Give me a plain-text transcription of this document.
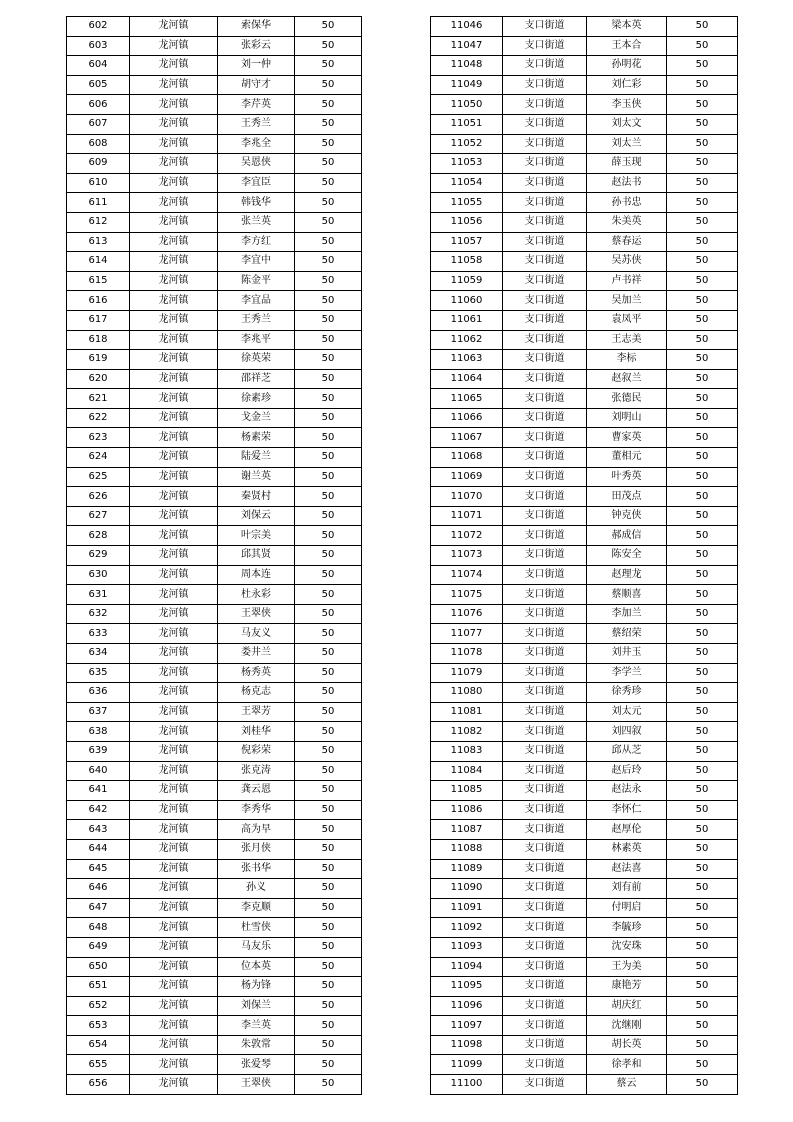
602	龙河镇	索保华	50
603	龙河镇	张彩云	50
604	龙河镇	刘一仲	50
605	龙河镇	胡守才	50
606	龙河镇	李芹英	50
607	龙河镇	王秀兰	50
608	龙河镇	李兆全	50
609	龙河镇	吴恩侠	50
610	龙河镇	李宜臣	50
611	龙河镇	韩钱华	50
612	龙河镇	张兰英	50
613	龙河镇	李方红	50
614	龙河镇	李宜中	50
615	龙河镇	陈金平	50
616	龙河镇	李宜品	50
617	龙河镇	王秀兰	50
618	龙河镇	李兆平	50
619	龙河镇	徐英荣	50
620	龙河镇	邵祥芝	50
621	龙河镇	徐素珍	50
622	龙河镇	戈金兰	50
623	龙河镇	杨素荣	50
624	龙河镇	陆爱兰	50
625	龙河镇	谢兰英	50
626	龙河镇	秦贤村	50
627	龙河镇	刘保云	50
628	龙河镇	叶宗美	50
629	龙河镇	邱其贤	50
630	龙河镇	周本连	50
631	龙河镇	杜永彩	50
632	龙河镇	王翠侠	50
633	龙河镇	马友义	50
634	龙河镇	娄井兰	50
635	龙河镇	杨秀英	50
636	龙河镇	杨克志	50
637	龙河镇	王翠芳	50
638	龙河镇	刘桂华	50
639	龙河镇	倪彩荣	50
640	龙河镇	张克涛	50
641	龙河镇	龚云恩	50
642	龙河镇	李秀华	50
643	龙河镇	高为早	50
644	龙河镇	张月侠	50
645	龙河镇	张书华	50
646	龙河镇	孙义	50
647	龙河镇	李克顺	50
648	龙河镇	杜雪侠	50
649	龙河镇	马友乐	50
650	龙河镇	位本英	50
651	龙河镇	杨为锋	50
652	龙河镇	刘保兰	50
653	龙河镇	李兰英	50
654	龙河镇	朱敦常	50
655	龙河镇	张爱琴	50
656	龙河镇	王翠侠	50
11046	支口街道	梁本英	50
11047	支口街道	王本合	50
11048	支口街道	孙明花	50
11049	支口街道	刘仁彩	50
11050	支口街道	李玉侠	50
11051	支口街道	刘太文	50
11052	支口街道	刘太兰	50
11053	支口街道	薛玉现	50
11054	支口街道	赵法书	50
11055	支口街道	孙书忠	50
11056	支口街道	朱美英	50
11057	支口街道	蔡春运	50
11058	支口街道	吴苏侠	50
11059	支口街道	卢书祥	50
11060	支口街道	吴加兰	50
11061	支口街道	袁凤平	50
11062	支口街道	王志美	50
11063	支口街道	李标	50
11064	支口街道	赵叙兰	50
11065	支口街道	张德民	50
11066	支口街道	刘明山	50
11067	支口街道	曹家英	50
11068	支口街道	董相元	50
11069	支口街道	叶秀英	50
11070	支口街道	田茂点	50
11071	支口街道	钟克侠	50
11072	支口街道	郝成信	50
11073	支口街道	陈安全	50
11074	支口街道	赵理龙	50
11075	支口街道	蔡顺喜	50
11076	支口街道	李加兰	50
11077	支口街道	蔡绍荣	50
11078	支口街道	刘井玉	50
11079	支口街道	李学兰	50
11080	支口街道	徐秀珍	50
11081	支口街道	刘太元	50
11082	支口街道	刘四叙	50
11083	支口街道	邱从芝	50
11084	支口街道	赵后玲	50
11085	支口街道	赵法永	50
11086	支口街道	李怀仁	50
11087	支口街道	赵厚伦	50
11088	支口街道	林素英	50
11089	支口街道	赵法喜	50
11090	支口街道	刘有前	50
11091	支口街道	付明启	50
11092	支口街道	李毓珍	50
11093	支口街道	沈安珠	50
11094	支口街道	王为美	50
11095	支口街道	康艳芳	50
11096	支口街道	胡庆红	50
11097	支口街道	沈继刚	50
11098	支口街道	胡长英	50
11099	支口街道	徐孝和	50
11100	支口街道	蔡云	50
